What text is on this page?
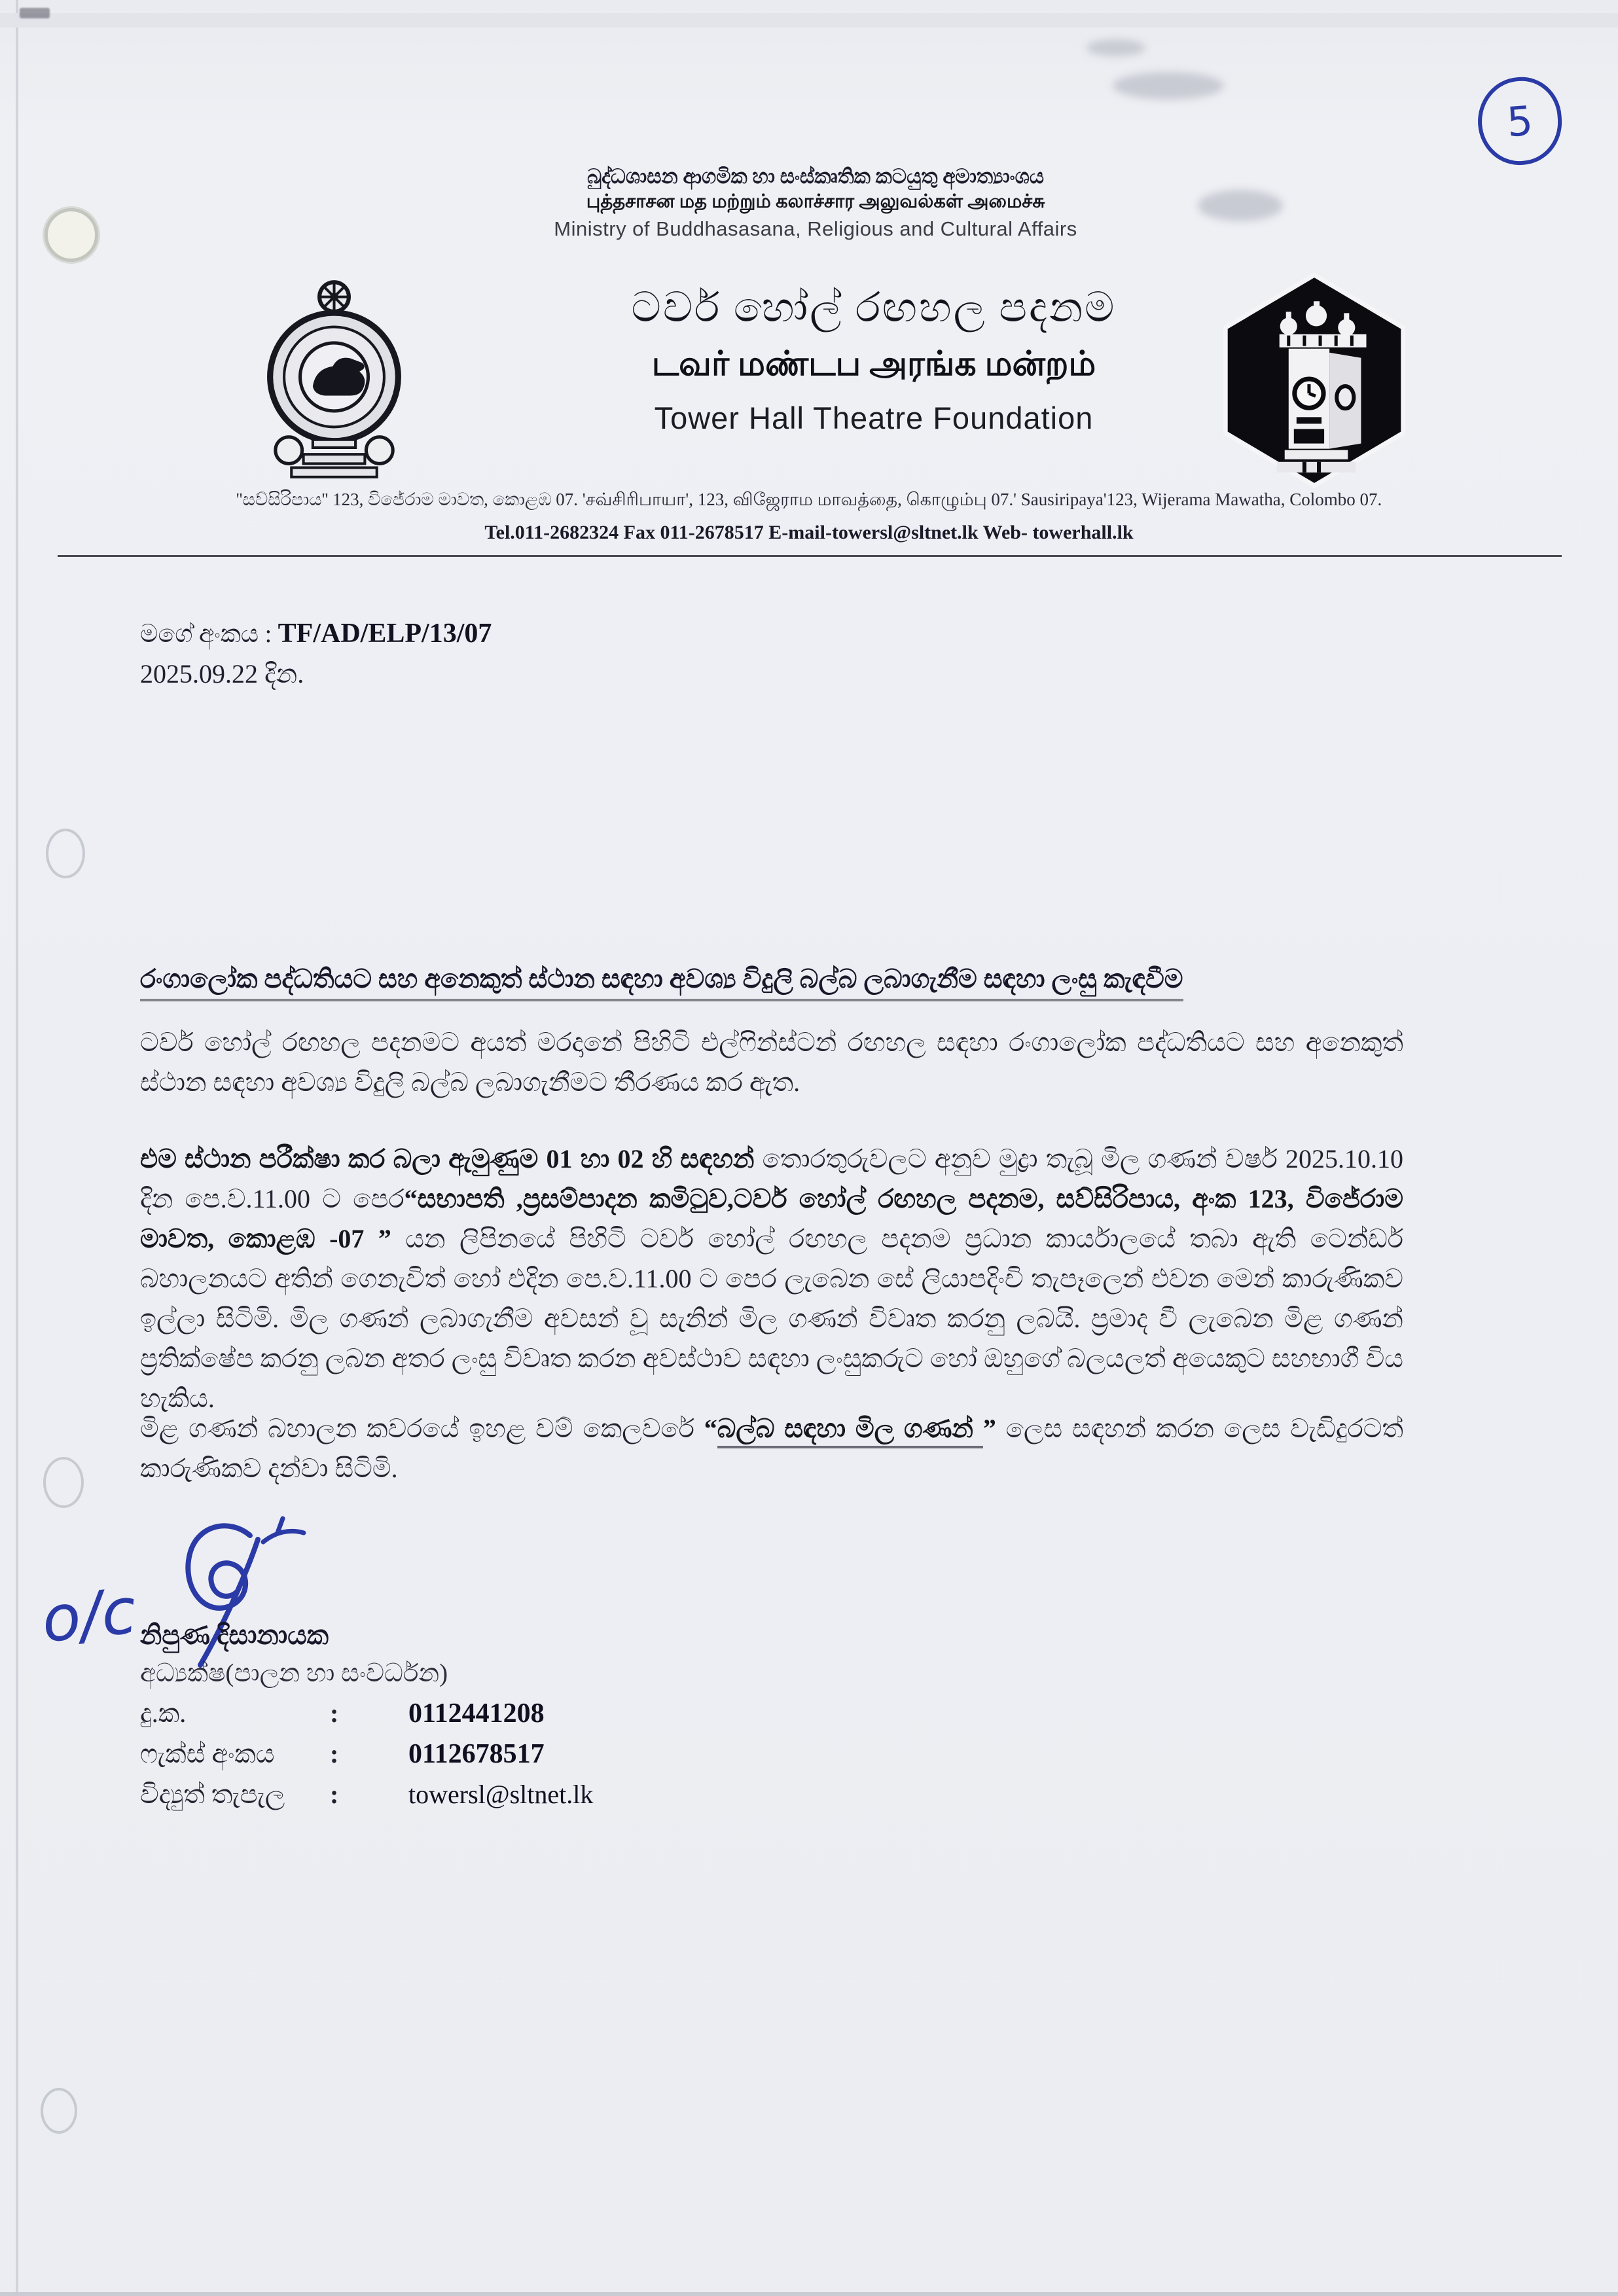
5
බුද්ධශාසන ආගමික හා සංස්කෘතික කටයුතු අමාත්‍යාංශය
புத்தசாசன மத மற்றும் கலாச்சார அலுவல்கள் அமைச்சு
Ministry of Buddhasasana, Religious and Cultural Affairs
ටවර් හෝල් රඟහල පදනම
டவர் மண்டப அரங்க மன்றம்
Tower Hall Theatre Foundation
''සව්සිරිපාය'' 123, විජේරාම මාවත, කොළඹ 07. 'சவ்சிரிபாயா', 123, விஜேராம மாவத்தை, கொழும்பு 07.' Sausiripaya'123, Wijerama Mawatha, Colombo 07.
Tel.011-2682324 Fax 011-2678517 E-mail-towersl@sltnet.lk Web- towerhall.lk
මගේ අංකය : TF/AD/ELP/13/07
2025.09.22 දින.
රංගාලෝක පද්ධතියට සහ අනෙකුත් ස්ථාන සඳහා අවශ්‍ය විදුලි බල්බ ලබාගැනීම සඳහා ලංසු කැඳවීම
ටවර් හෝල් රඟහල පදනමට අයත් මරදානේ පිහිටි එල්ෆින්ස්ටන් රඟහල සඳහා රංගාලෝක පද්ධතියට සහ අනෙකුත් ස්ථාන සඳහා අවශ්‍ය විදුලි බල්බ ලබාගැනීමට තීරණය කර ඇත.
එම ස්ථාන පරීක්ෂා කර බලා ඇමුණුම 01 හා 02 හි සඳහන් තොරතුරුවලට අනුව මුද්‍රා තැබූ මිල ගණන් වර්ෂ 2025.10.10 දින පෙ.ව.11.00 ට පෙර“සභාපති ,ප්‍රසම්පාදන කමිටුව,ටවර් හෝල් රඟහල පදනම, සව්සිරිපාය, අංක 123, විජේරාම මාවත, කොළඹ -07 ” යන ලිපිනයේ පිහිටි ටවර් හෝල් රඟහල පදනම ප්‍රධාන කාර්යාලයේ තබා ඇති ටෙන්ඩර් බහාලනයට අතින් ගෙනැවිත් හෝ එදින පෙ.ව.11.00 ට පෙර ලැබෙන සේ ලියාපදිංචි තැපෑලෙන් එවන මෙන් කාරුණිකව ඉල්ලා සිටිමි. මිල ගණන් ලබාගැනීම අවසන් වූ සැනින් මිල ගණන් විවෘත කරනු ලබයි. ප්‍රමාද වී ලැබෙන මිළ ගණන් ප්‍රතික්ෂේප කරනු ලබන අතර ලංසු විවෘත කරන අවස්ථාව සඳහා ලංසුකරුට හෝ ඔහුගේ බලයලත් අයෙකුට සහභාගී විය හැකිය.
මිළ ගණන් බහාලන කවරයේ ඉහළ වම් කෙලවරේ “බල්බ සඳහා මිල ගණන් ” ලෙස සඳහන් කරන ලෙස වැඩිදුරටත් කාරුණිකව දන්වා සිටිමි.
o/c නිපුණ දිසානායක
අධ්‍යක්ෂ(පාලන හා සංවර්ධන)
දු.ක.	:	0112441208
ෆැක්ස් අංකය :	0112678517
විද්‍යුත් තැපැල :	towersl@sltnet.lk
